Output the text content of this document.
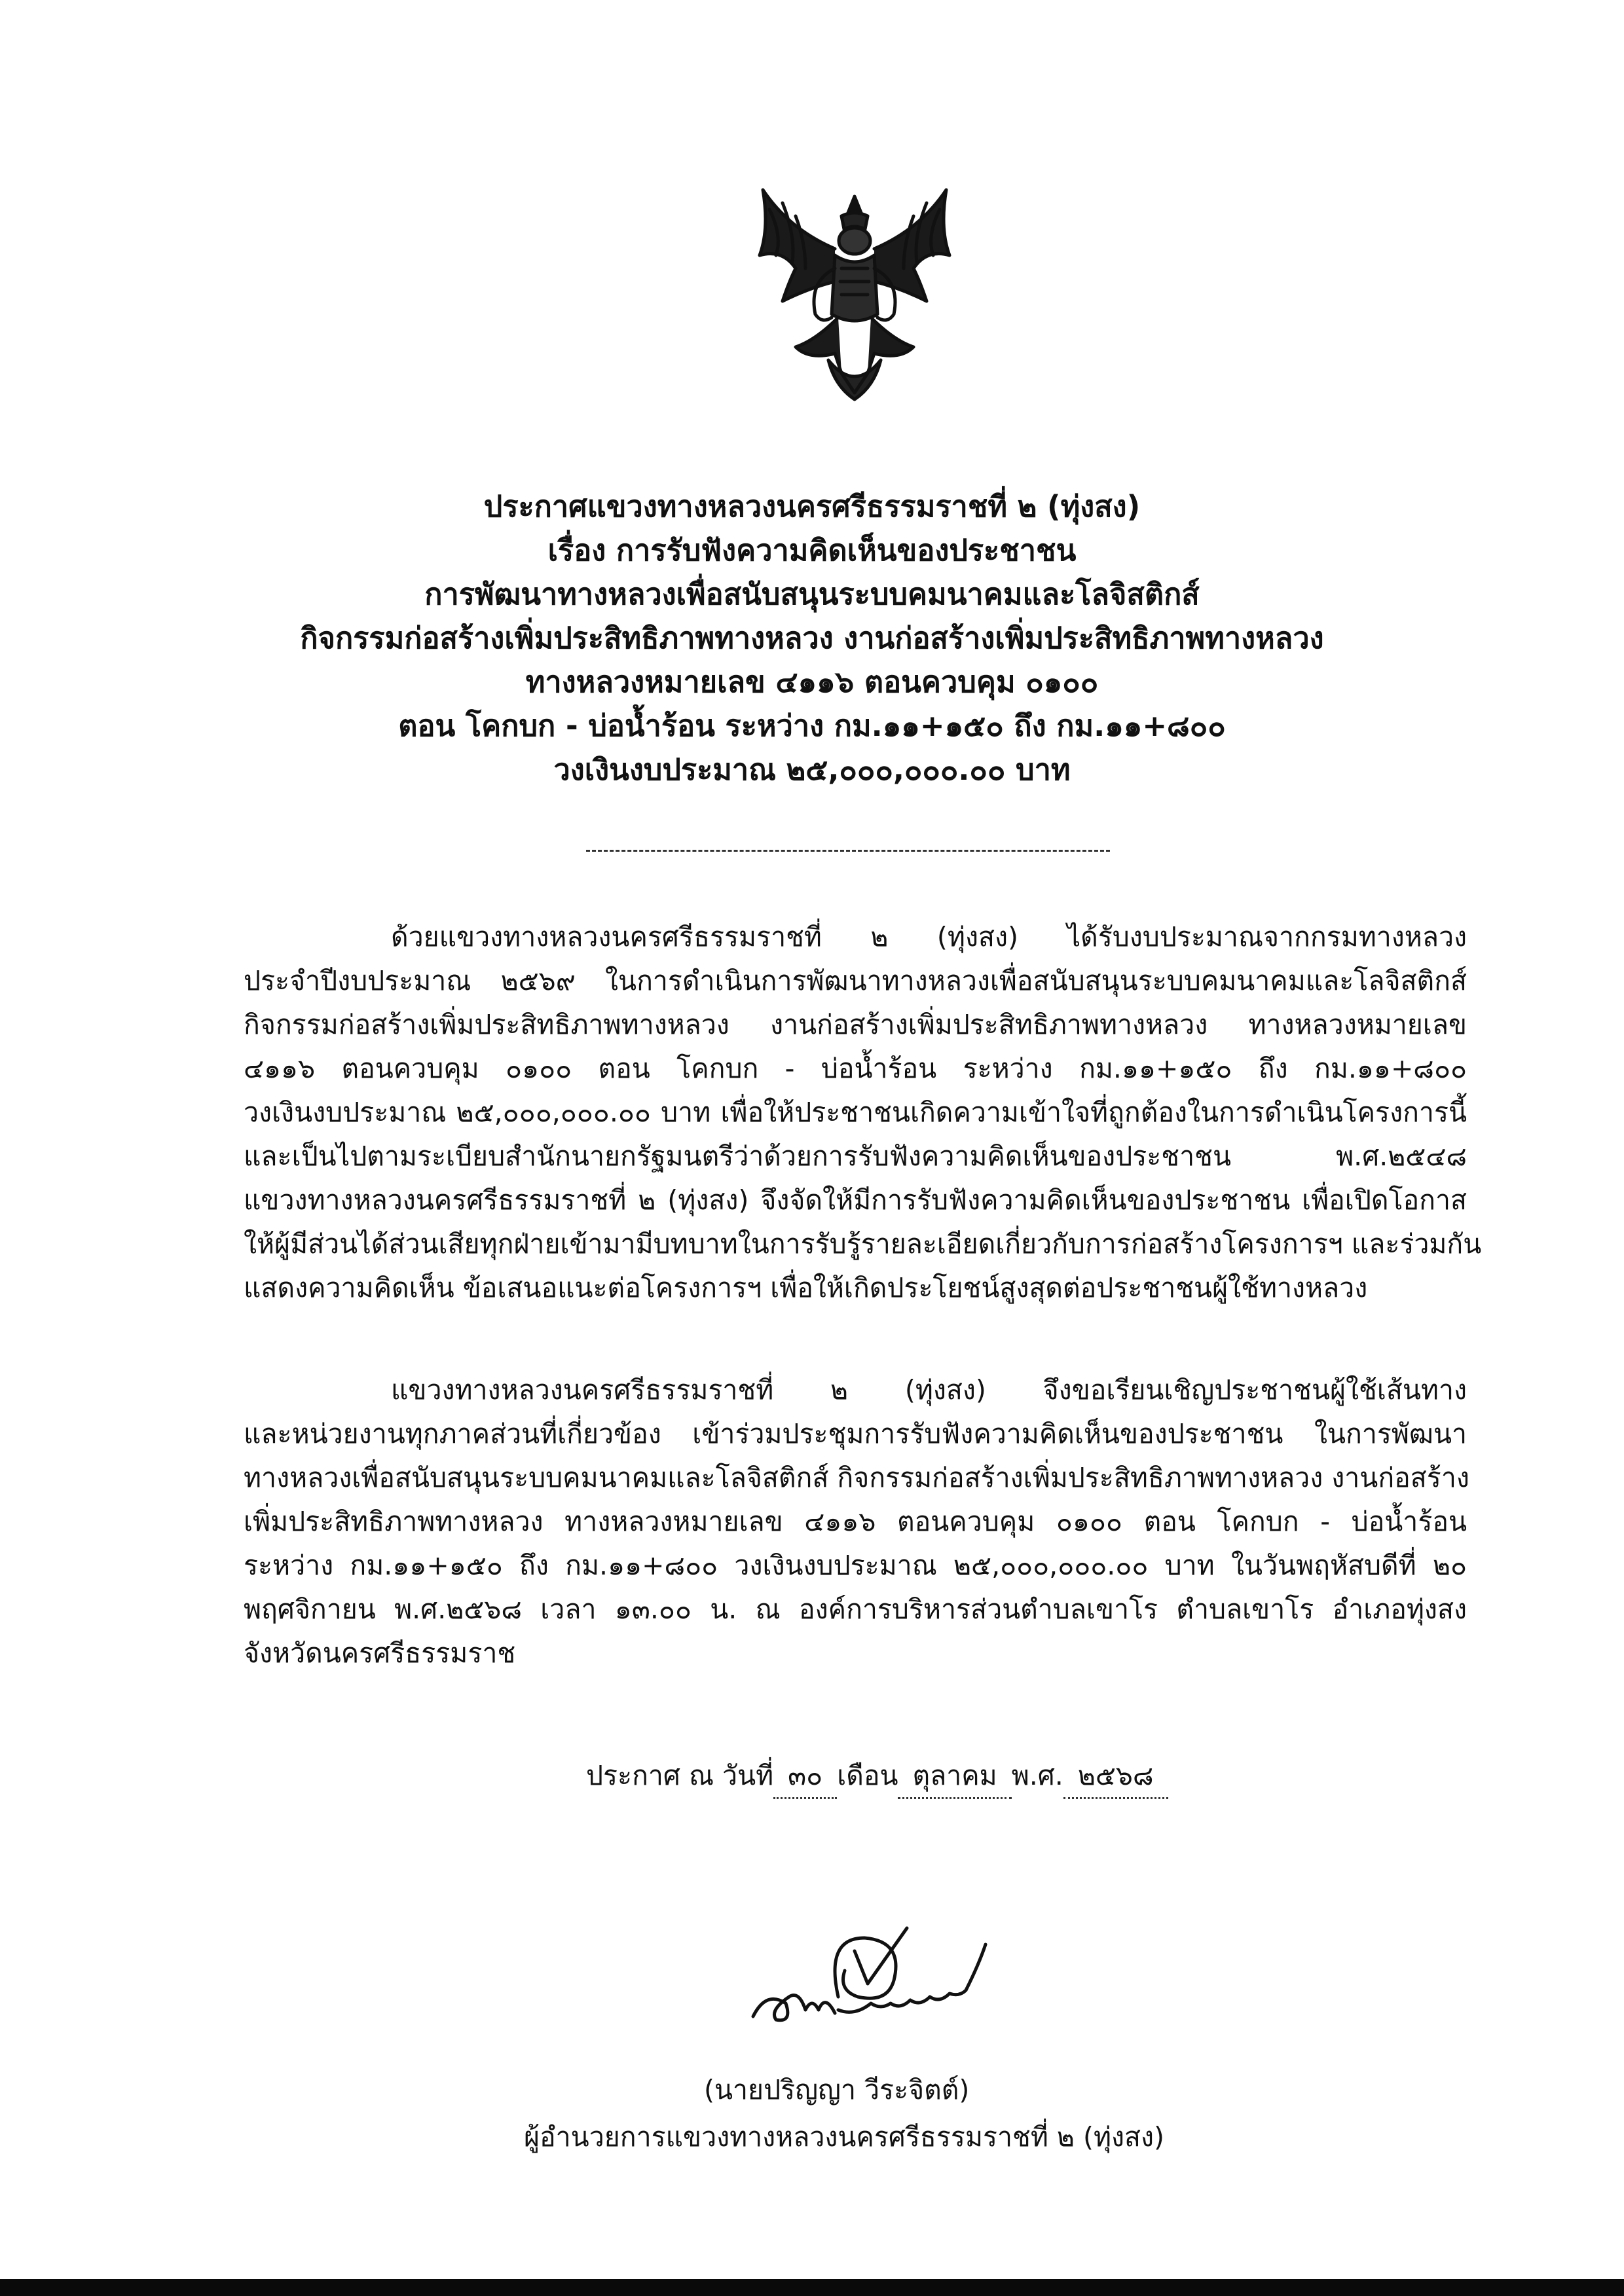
ประกาศแขวงทางหลวงนครศรีธรรมราชที่ ๒ (ทุ่งสง)
เรื่อง การรับฟังความคิดเห็นของประชาชน
การพัฒนาทางหลวงเพื่อสนับสนุนระบบคมนาคมและโลจิสติกส์
กิจกรรมก่อสร้างเพิ่มประสิทธิภาพทางหลวง งานก่อสร้างเพิ่มประสิทธิภาพทางหลวง
ทางหลวงหมายเลข ๔๑๑๖ ตอนควบคุม ๐๑๐๐
ตอน โคกบก - บ่อน้ำร้อน ระหว่าง กม.๑๑+๑๕๐ ถึง กม.๑๑+๘๐๐
วงเงินงบประมาณ ๒๕,๐๐๐,๐๐๐.๐๐ บาท
ด้วยแขวงทางหลวงนครศรีธรรมราชที่ ๒ (ทุ่งสง) ได้รับงบประมาณจากกรมทางหลวง
ประจำปีงบประมาณ ๒๕๖๙ ในการดำเนินการพัฒนาทางหลวงเพื่อสนับสนุนระบบคมนาคมและโลจิสติกส์
กิจกรรมก่อสร้างเพิ่มประสิทธิภาพทางหลวง งานก่อสร้างเพิ่มประสิทธิภาพทางหลวง ทางหลวงหมายเลข
๔๑๑๖ ตอนควบคุม ๐๑๐๐ ตอน โคกบก - บ่อน้ำร้อน ระหว่าง กม.๑๑+๑๕๐ ถึง กม.๑๑+๘๐๐
วงเงินงบประมาณ ๒๕,๐๐๐,๐๐๐.๐๐ บาท เพื่อให้ประชาชนเกิดความเข้าใจที่ถูกต้องในการดำเนินโครงการนี้
และเป็นไปตามระเบียบสำนักนายกรัฐมนตรีว่าด้วยการรับฟังความคิดเห็นของประชาชน พ.ศ.๒๕๔๘
แขวงทางหลวงนครศรีธรรมราชที่ ๒ (ทุ่งสง) จึงจัดให้มีการรับฟังความคิดเห็นของประชาชน เพื่อเปิดโอกาส
ให้ผู้มีส่วนได้ส่วนเสียทุกฝ่ายเข้ามามีบทบาทในการรับรู้รายละเอียดเกี่ยวกับการก่อสร้างโครงการฯ และร่วมกัน
แสดงความคิดเห็น ข้อเสนอแนะต่อโครงการฯ เพื่อให้เกิดประโยชน์สูงสุดต่อประชาชนผู้ใช้ทางหลวง
แขวงทางหลวงนครศรีธรรมราชที่ ๒ (ทุ่งสง) จึงขอเรียนเชิญประชาชนผู้ใช้เส้นทาง
และหน่วยงานทุกภาคส่วนที่เกี่ยวข้อง เข้าร่วมประชุมการรับฟังความคิดเห็นของประชาชน ในการพัฒนา
ทางหลวงเพื่อสนับสนุนระบบคมนาคมและโลจิสติกส์ กิจกรรมก่อสร้างเพิ่มประสิทธิภาพทางหลวง งานก่อสร้าง
เพิ่มประสิทธิภาพทางหลวง ทางหลวงหมายเลข ๔๑๑๖ ตอนควบคุม ๐๑๐๐ ตอน โคกบก - บ่อน้ำร้อน
ระหว่าง กม.๑๑+๑๕๐ ถึง กม.๑๑+๘๐๐ วงเงินงบประมาณ ๒๕,๐๐๐,๐๐๐.๐๐ บาท ในวันพฤหัสบดีที่ ๒๐
พฤศจิกายน พ.ศ.๒๕๖๘ เวลา ๑๓.๐๐ น. ณ องค์การบริหารส่วนตำบลเขาโร ตำบลเขาโร อำเภอทุ่งสง
จังหวัดนครศรีธรรมราช
ประกาศ ณ วันที่ ๓๐ เดือน ตุลาคม พ.ศ. ๒๕๖๘
(นายปริญญา วีระจิตต์)
ผู้อำนวยการแขวงทางหลวงนครศรีธรรมราชที่ ๒ (ทุ่งสง)
